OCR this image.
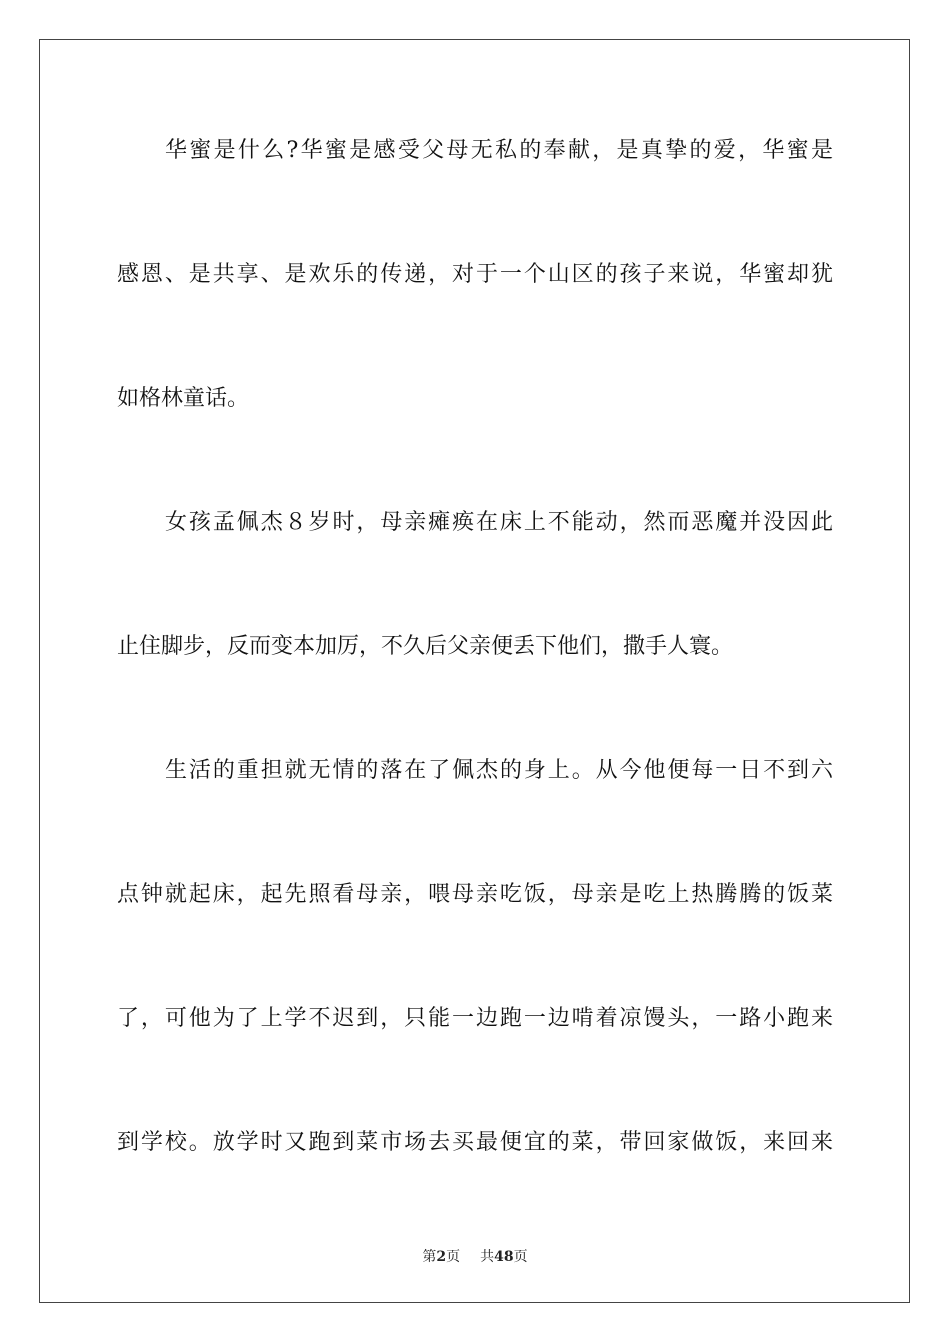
华蜜是什么?华蜜是感受父母无私的奉献，是真挚的爱，华蜜是
感恩、是共享、是欢乐的传递，对于一个山区的孩子来说，华蜜却犹
如格林童话。
女孩孟佩杰８岁时，母亲瘫痪在床上不能动，然而恶魔并没因此
止住脚步，反而变本加厉，不久后父亲便丢下他们，撒手人寰。
生活的重担就无情的落在了佩杰的身上。从今他便每一日不到六
点钟就起床，起先照看母亲，喂母亲吃饭，母亲是吃上热腾腾的饭菜
了，可他为了上学不迟到，只能一边跑一边啃着凉馒头，一路小跑来
到学校。放学时又跑到菜市场去买最便宜的菜，带回家做饭，来回来
第2页 共48页
